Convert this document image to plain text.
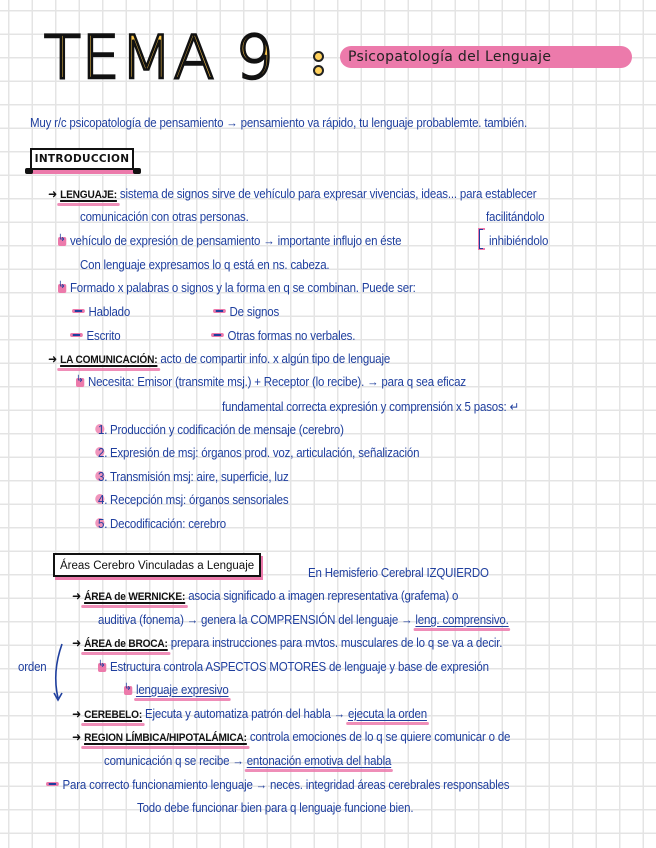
TEMA 9	Psicopatología del Lenguaje
Muy r/c psicopatología de pensamiento → pensamiento va rápido, tu lenguaje probablemte. también.
INTRODUCCION
➜ LENGUAJE: sistema de signos sirve de vehículo para expresar vivencias, ideas... para establecer
comunicación con otras personas.	facilitándolo
↳vehículo de expresión de pensamiento → importante influjo en éste	inhibiéndolo
Con lenguaje expresamos lo q está en ns. cabeza.
↳Formado x palabras o signos y la forma en q se combinan. Puede ser:
Hablado	De signos
Escrito	Otras formas no verbales.
➜ LA COMUNICACIÓN: acto de compartir info. x algún tipo de lenguaje
↳Necesita: Emisor (transmite msj.) + Receptor (lo recibe). → para q sea eficaz
fundamental correcta expresión y comprensión x 5 pasos: ↵
1. Producción y codificación de mensaje (cerebro)
2. Expresión de msj: órganos prod. voz, articulación, señalización
3. Transmisión msj: aire, superficie, luz
4. Recepción msj: órganos sensoriales
5. Decodificación: cerebro
Áreas Cerebro Vinculadas a Lenguaje	En Hemisferio Cerebral IZQUIERDO
➜ ÁREA de WERNICKE: asocia significado a imagen representativa (grafema) o
auditiva (fonema) → genera la COMPRENSIÓN del lenguaje → leng. comprensivo.
➜ ÁREA de BROCA: prepara instrucciones para mvtos. musculares de lo q se va a decir.
orden ↳	Estructura controla ASPECTOS MOTORES de lenguaje y base de expresión
↳lenguaje expresivo
➜ CEREBELO: Ejecuta y automatiza patrón del habla → ejecuta la orden
➜ REGION LÍMBICA/HIPOTALÁMICA: controla emociones de lo q se quiere comunicar o de
comunicación q se recibe → entonación emotiva del habla
Para correcto funcionamiento lenguaje → neces. integridad áreas cerebrales responsables
Todo debe funcionar bien para q lenguaje funcione bien.
